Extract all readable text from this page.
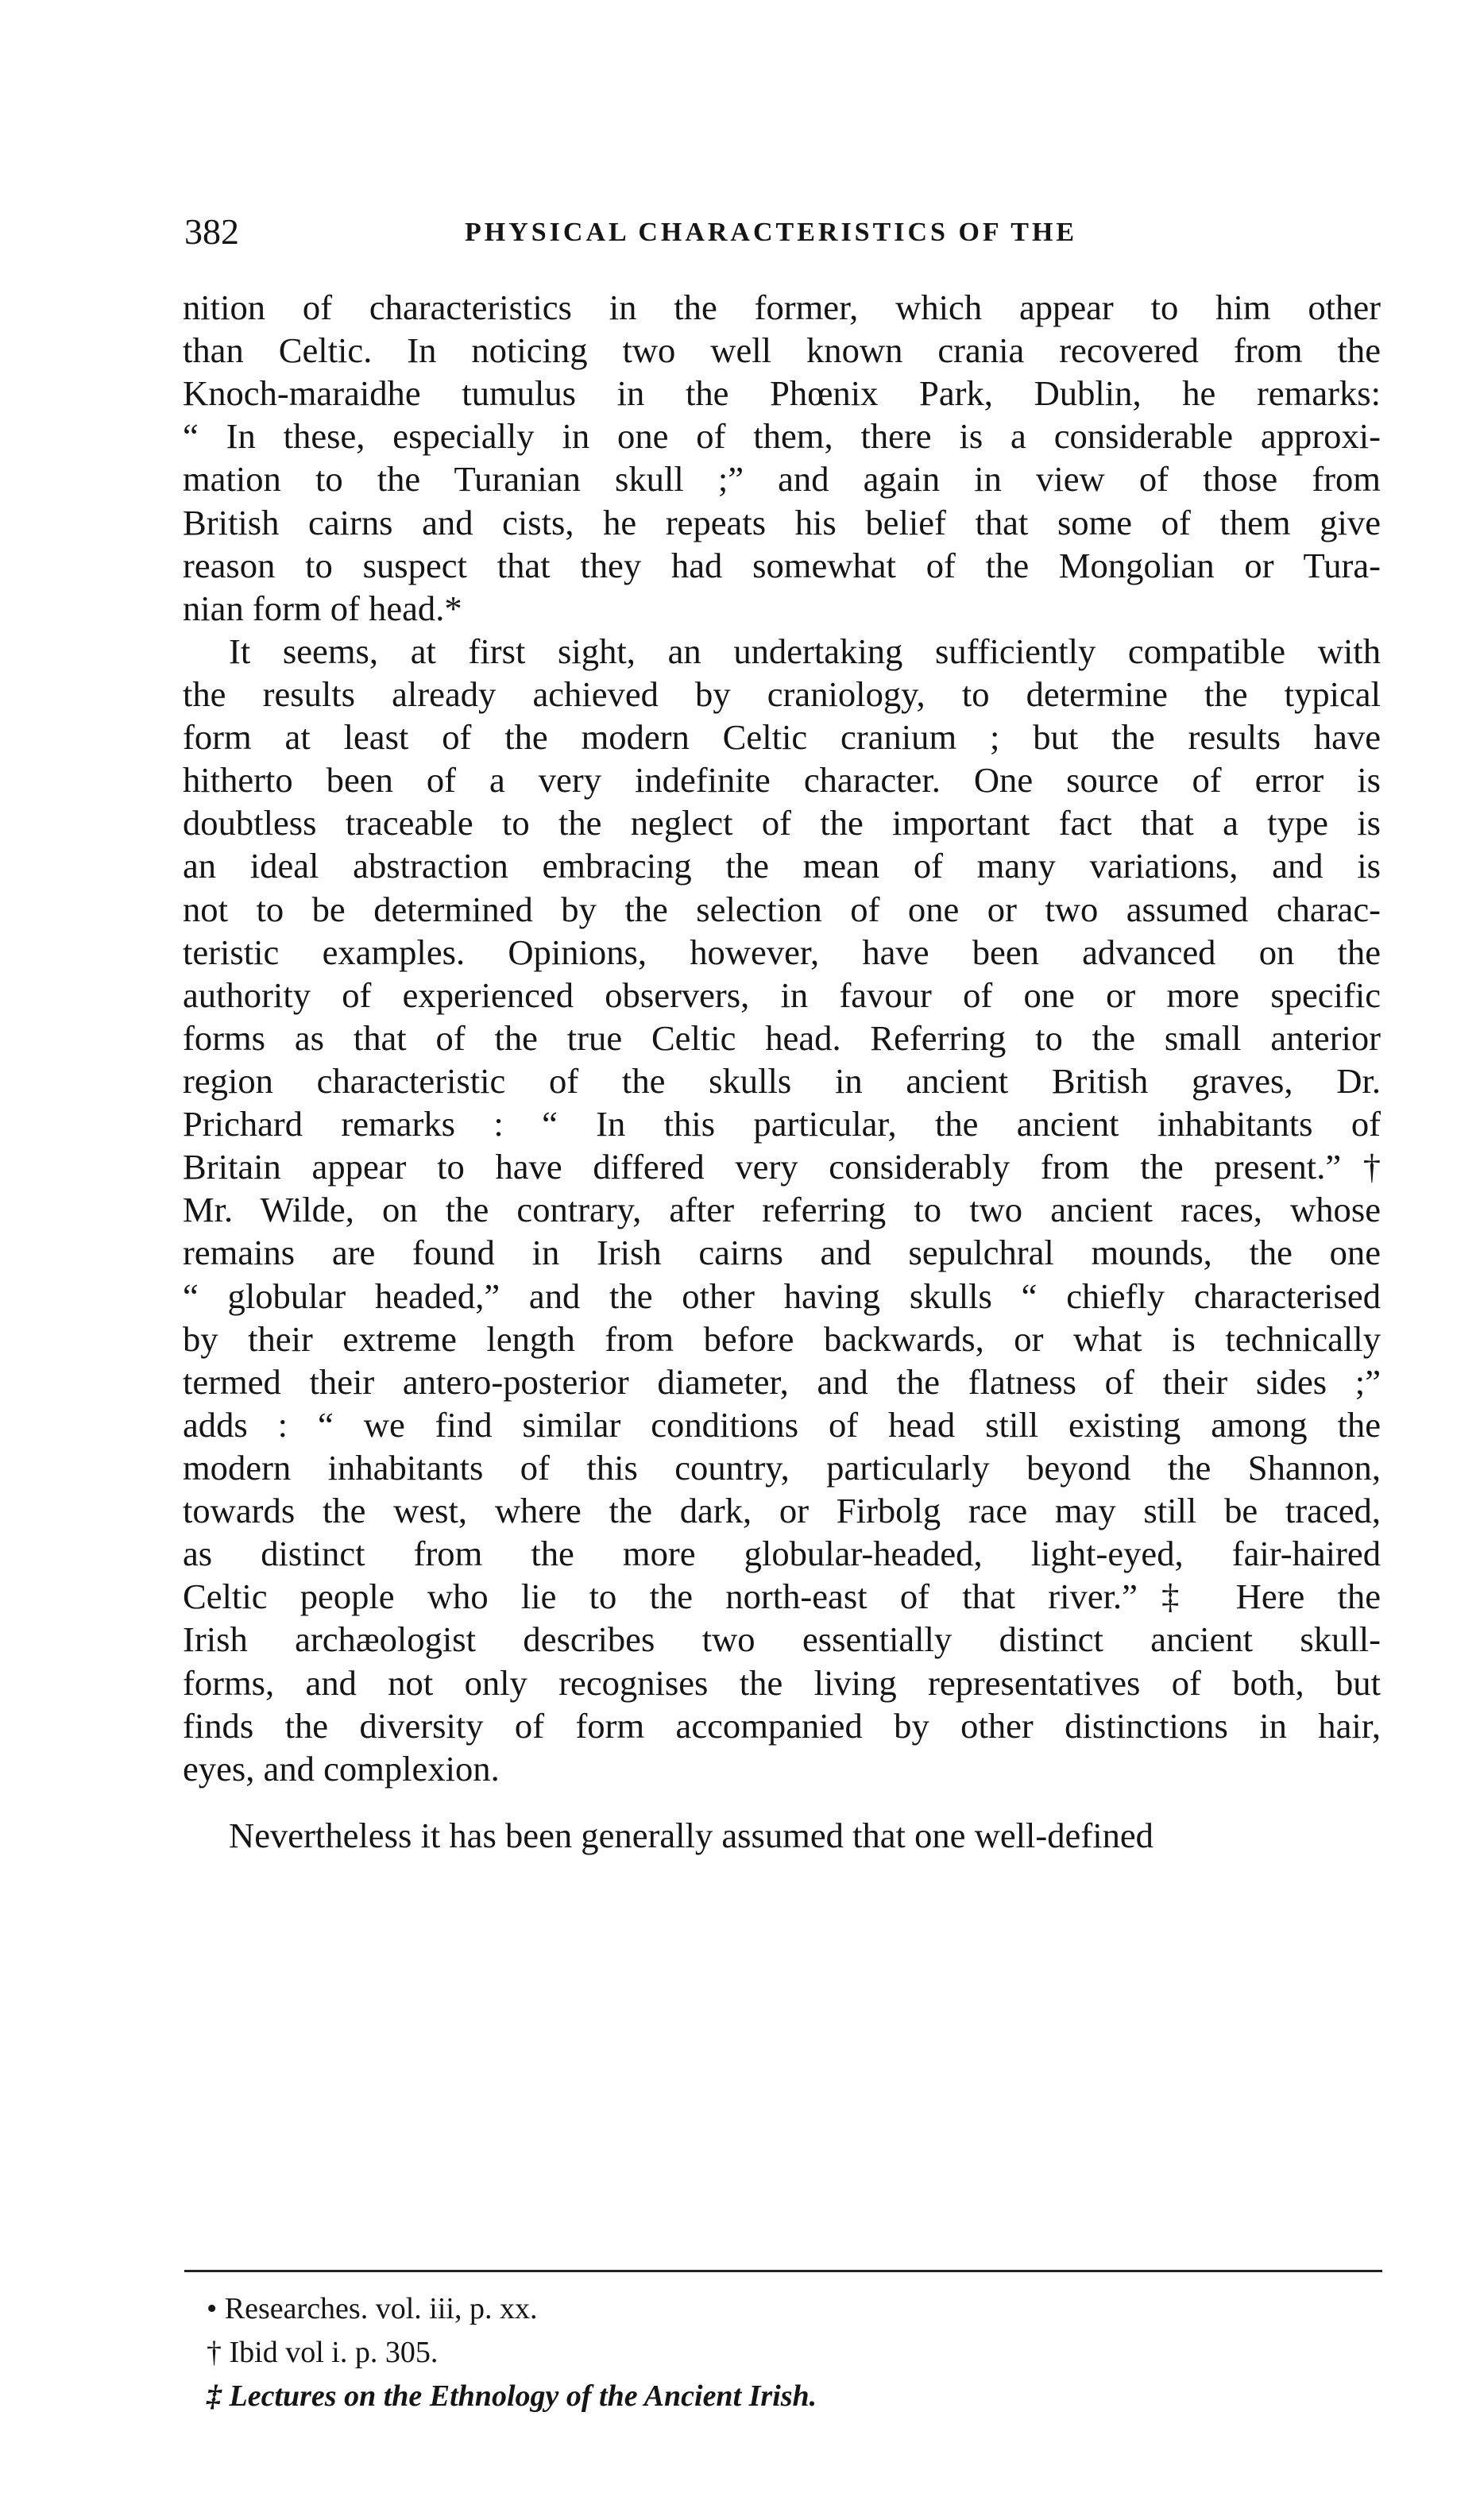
382	PHYSICAL CHARACTERISTICS OF THE
nition of characteristics in the former, which appear to him other
than Celtic. In noticing two well known crania recovered from the
Knoch-maraidhe tumulus in the Phœnix Park, Dublin, he remarks:
“ In these, especially in one of them, there is a considerable approxi-
mation to the Turanian skull ;” and again in view of those from
British cairns and cists, he repeats his belief that some of them give
reason to suspect that they had somewhat of the Mongolian or Tura-
nian form of head.*
It seems, at first sight, an undertaking sufficiently compatible with
the results already achieved by craniology, to determine the typical
form at least of the modern Celtic cranium ; but the results have
hitherto been of a very indefinite character. One source of error is
doubtless traceable to the neglect of the important fact that a type is
an ideal abstraction embracing the mean of many variations, and is
not to be determined by the selection of one or two assumed charac-
teristic examples. Opinions, however, have been advanced on the
authority of experienced observers, in favour of one or more specific
forms as that of the true Celtic head. Referring to the small anterior
region characteristic of the skulls in ancient British graves, Dr.
Prichard remarks : “ In this particular, the ancient inhabitants of
Britain appear to have differed very considerably from the present.”†
Mr. Wilde, on the contrary, after referring to two ancient races, whose
remains are found in Irish cairns and sepulchral mounds, the one
“ globular headed,” and the other having skulls “ chiefly characterised
by their extreme length from before backwards, or what is technically
termed their antero-posterior diameter, and the flatness of their sides ;”
adds : “ we find similar conditions of head still existing among the
modern inhabitants of this country, particularly beyond the Shannon,
towards the west, where the dark, or Firbolg race may still be traced,
as distinct from the more globular-headed, light-eyed, fair-haired
Celtic people who lie to the north-east of that river.”‡ Here the
Irish archæologist describes two essentially distinct ancient skull-
forms, and not only recognises the living representatives of both, but
finds the diversity of form accompanied by other distinctions in hair,
eyes, and complexion.
Nevertheless it has been generally assumed that one well-defined
• Researches. vol. iii, p. xx.
† Ibid vol i. p. 305.
‡ Lectures on the Ethnology of the Ancient Irish.
